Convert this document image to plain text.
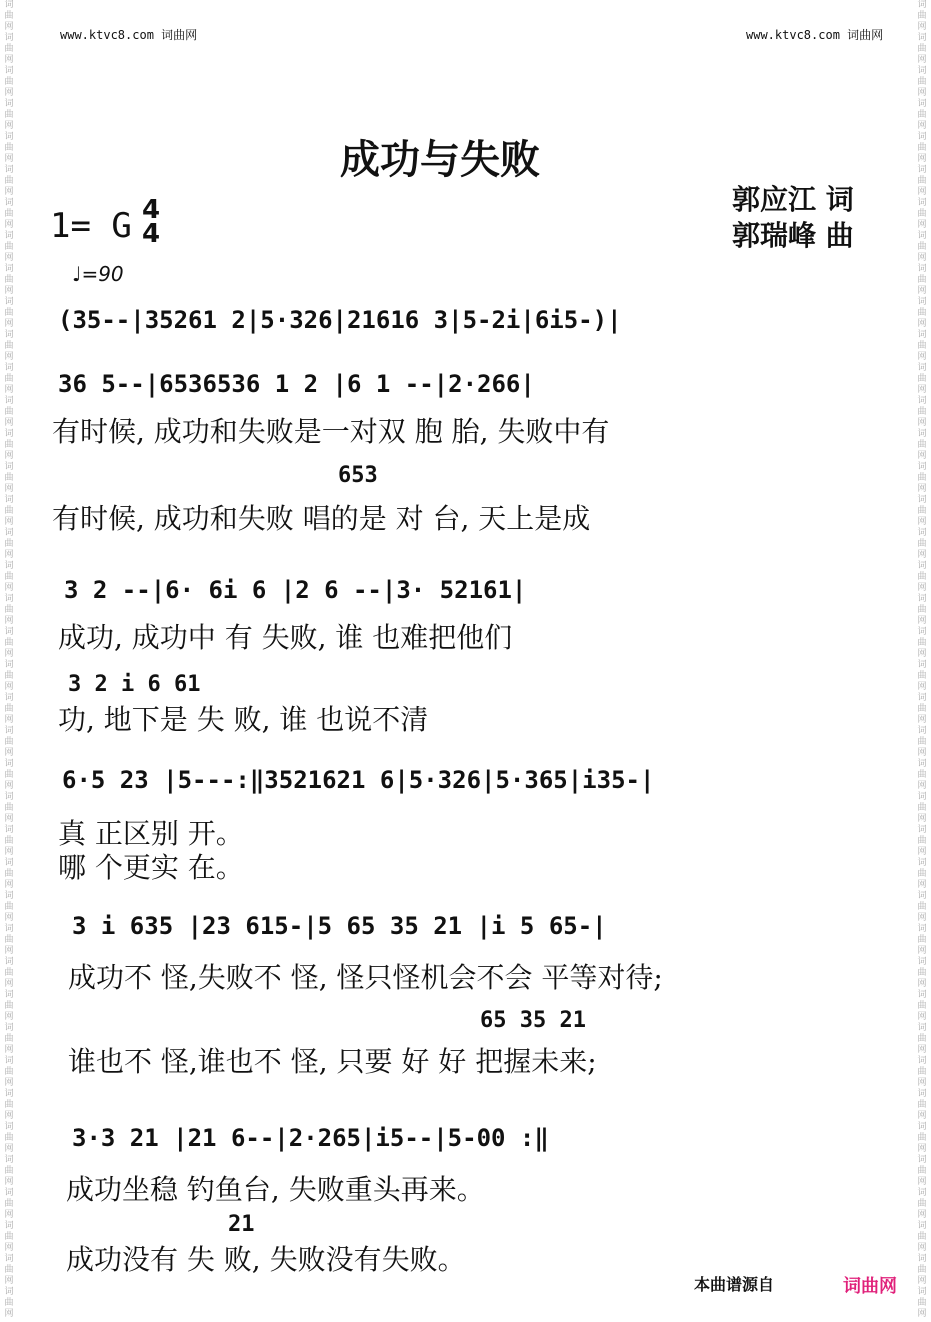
词
曲
网
词
曲
网
词
曲
网
词
曲
网
词
曲
网
词
曲
网
词
曲
网
词
曲
网
词
曲
网
词
曲
网
词
曲
网
词
曲
网
词
曲
网
词
曲
网
词
曲
网
词
曲
网
词
曲
网
词
曲
网
词
曲
网
词
曲
网
词
曲
网
词
曲
网
词
曲
网
词
曲
网
词
曲
网
词
曲
网
词
曲
网
词
曲
网
词
曲
网
词
曲
网
词
曲
网
词
曲
网
词
曲
网
词
曲
网
词
曲
网
词
曲
网
词
曲
网
词
曲
网
词
曲
网
词
曲
网
词
曲
网
词
曲
网
词
曲
网
词
曲
网
词
曲
网
词
曲
网
词
曲
网
词
曲
网
词
曲
网
词
曲
网
词
曲
网
词
曲
网
词
曲
网
词
曲
网
词
曲
网
词
曲
网
词
曲
网
词
曲
网
词
曲
网
词
曲
网
词
曲
网
词
曲
网
词
曲
网
词
曲
网
词
曲
网
词
曲
网
词
曲
网
词
曲
网
词
曲
网
词
曲
网
词
曲
网
词
曲
网
词
曲
网
词
曲
网
词
曲
网
词
曲
网
词
曲
网
词
曲
网
词
曲
网
词
曲
网
www.ktvc8.com 词曲网	www.ktvc8.com 词曲网
成功与失败
郭应江 词
郭瑞峰 曲
1= G 4
4
♩=90
(35--|35261 2|5·326|21616 3|5-2i|6i5-)|
36 5--|6536536 1 2 |6 1 --|2·266|
有时候, 成功和失败是一对双 胞 胎, 失败中有
653
有时候, 成功和失败 唱的是 对 台, 天上是成
3 2 --|6· 6i 6 |2 6 --|3· 52161|
成功, 成功中 有 失败, 谁 也难把他们
3 2 i 6 61
功, 地下是 失 败, 谁 也说不清
6·5 23 |5---:‖3521621 6|5·326|5·365|i35-|
真 正区别 开。
哪 个更实 在。
3 i 635 |23 615-|5 65 35 21 |i 5 65-|
成功不 怪,失败不 怪, 怪只怪机会不会 平等对待;
65 35 21
谁也不 怪,谁也不 怪, 只要 好 好 把握未来;
3·3 21 |21 6--|2·265|i5--|5-00 :‖
成功坐稳 钓鱼台, 失败重头再来。
21
成功没有 失 败, 失败没有失败。
本曲谱源自	词曲网
